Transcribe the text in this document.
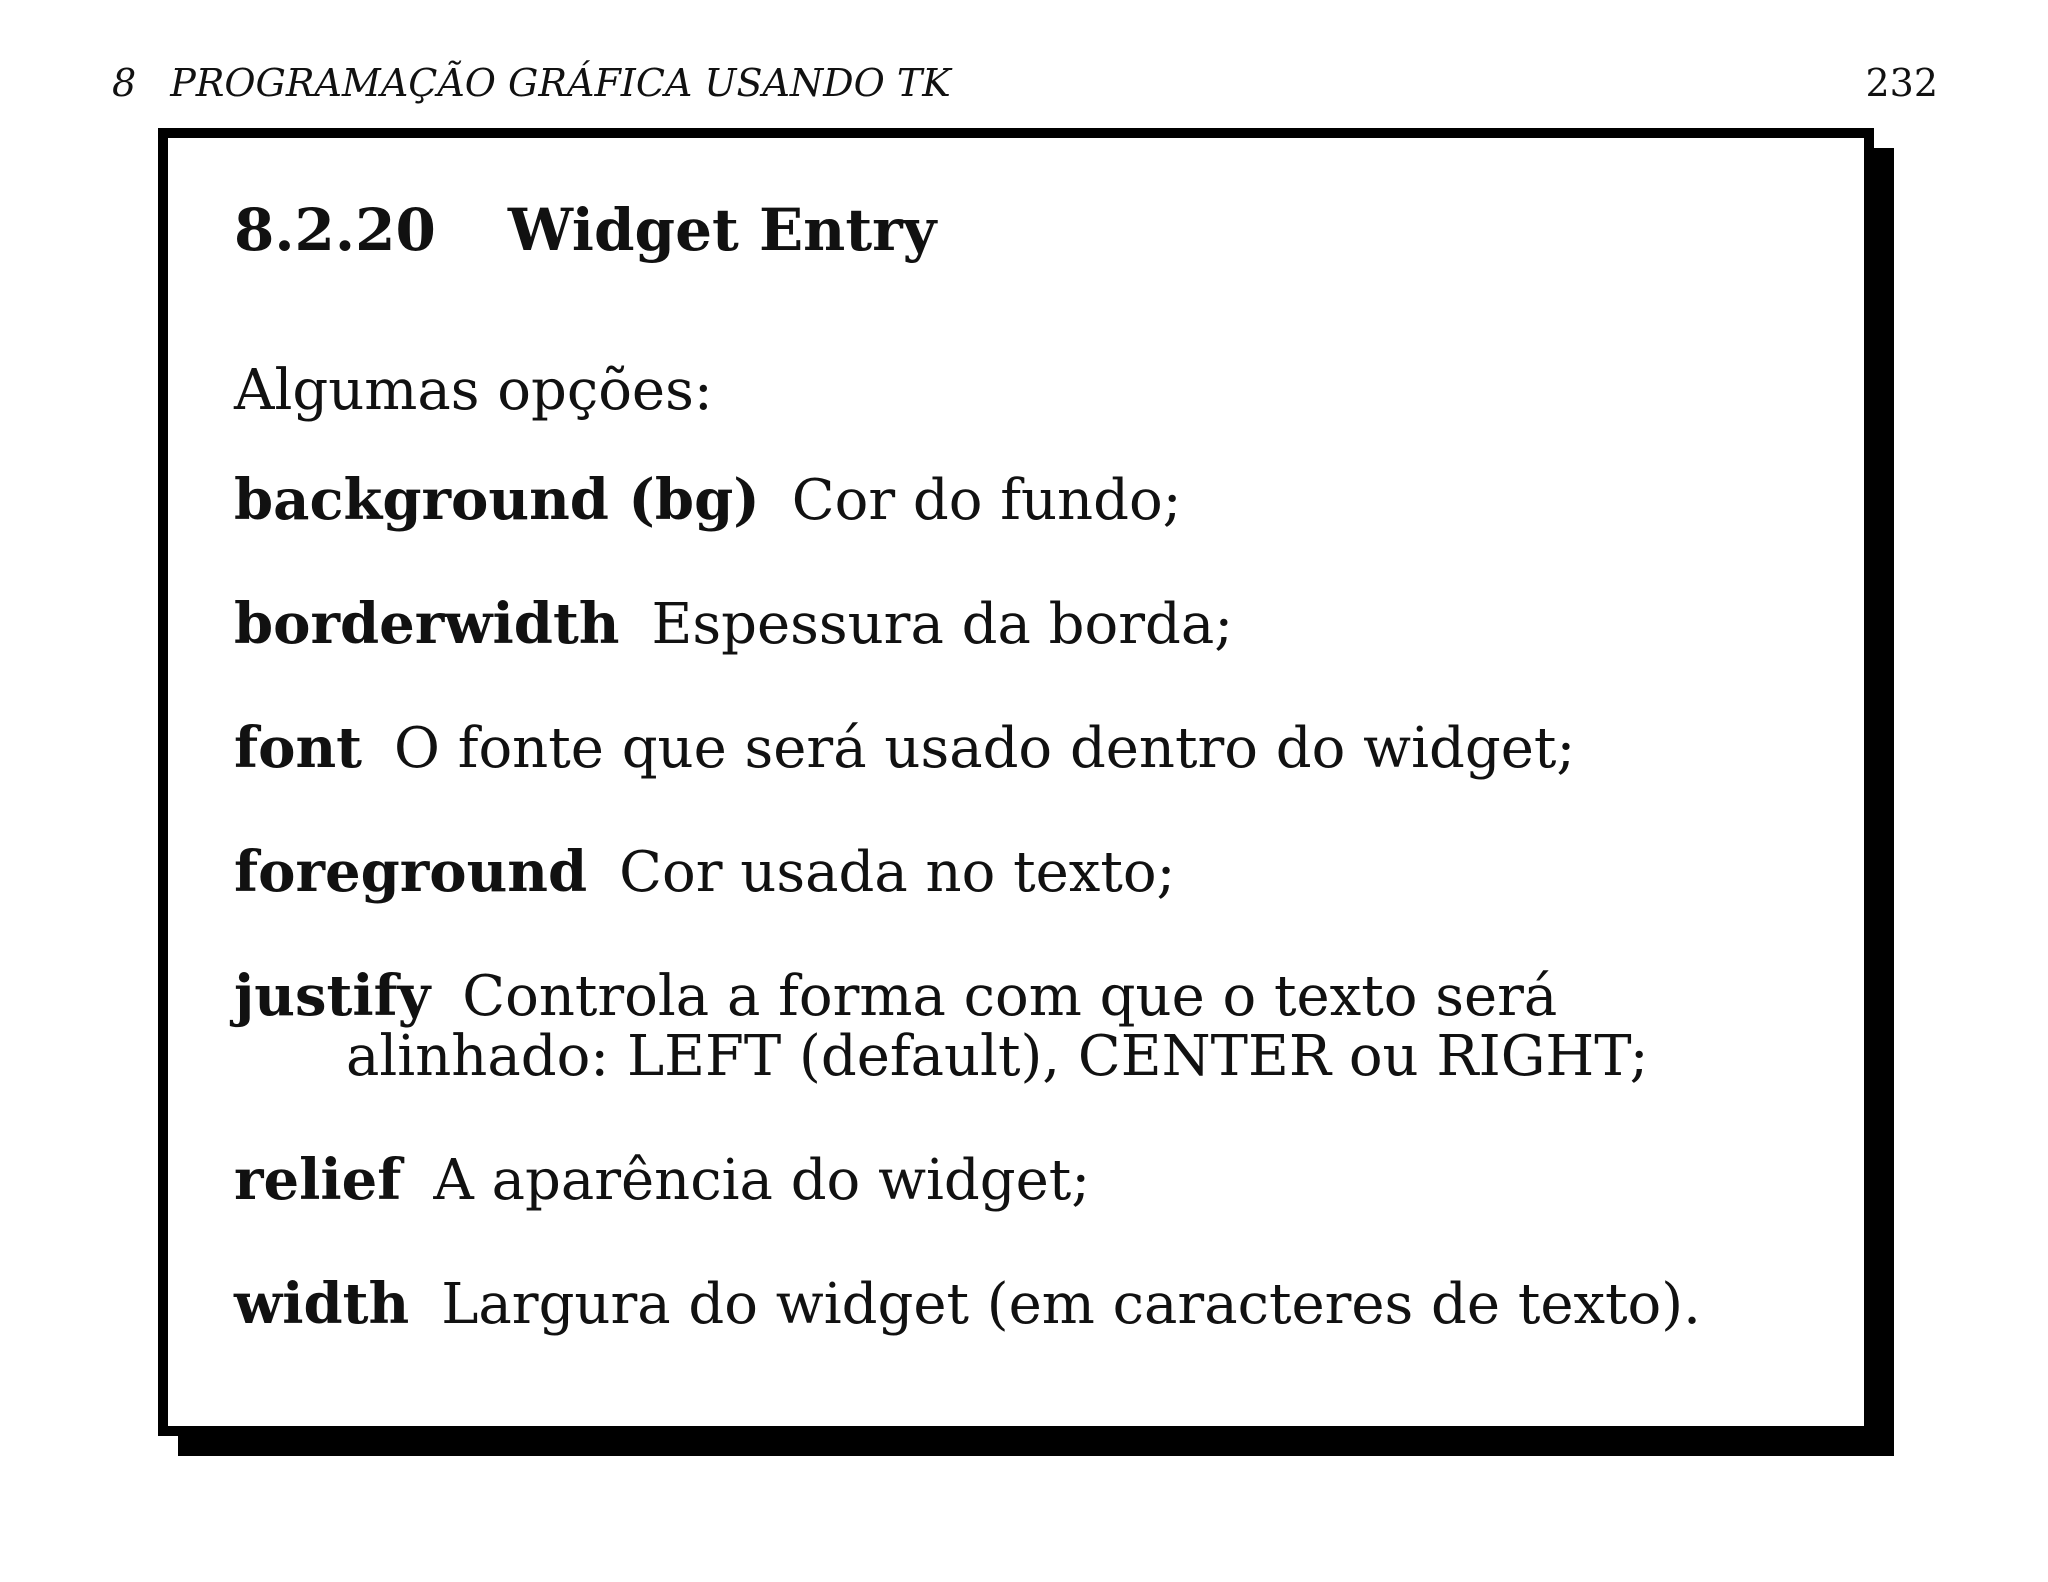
8 PROGRAMAÇÃO GRÁFICA USANDO TK	232
8.2.20 Widget Entry
Algumas opções:
background (bg) Cor do fundo;
borderwidth Espessura da borda;
font O fonte que será usado dentro do widget;
foreground Cor usada no texto;
justify Controla a forma com que o texto será alinhado: LEFT (default), CENTER ou RIGHT;
relief A aparência do widget;
width Largura do widget (em caracteres de texto).
